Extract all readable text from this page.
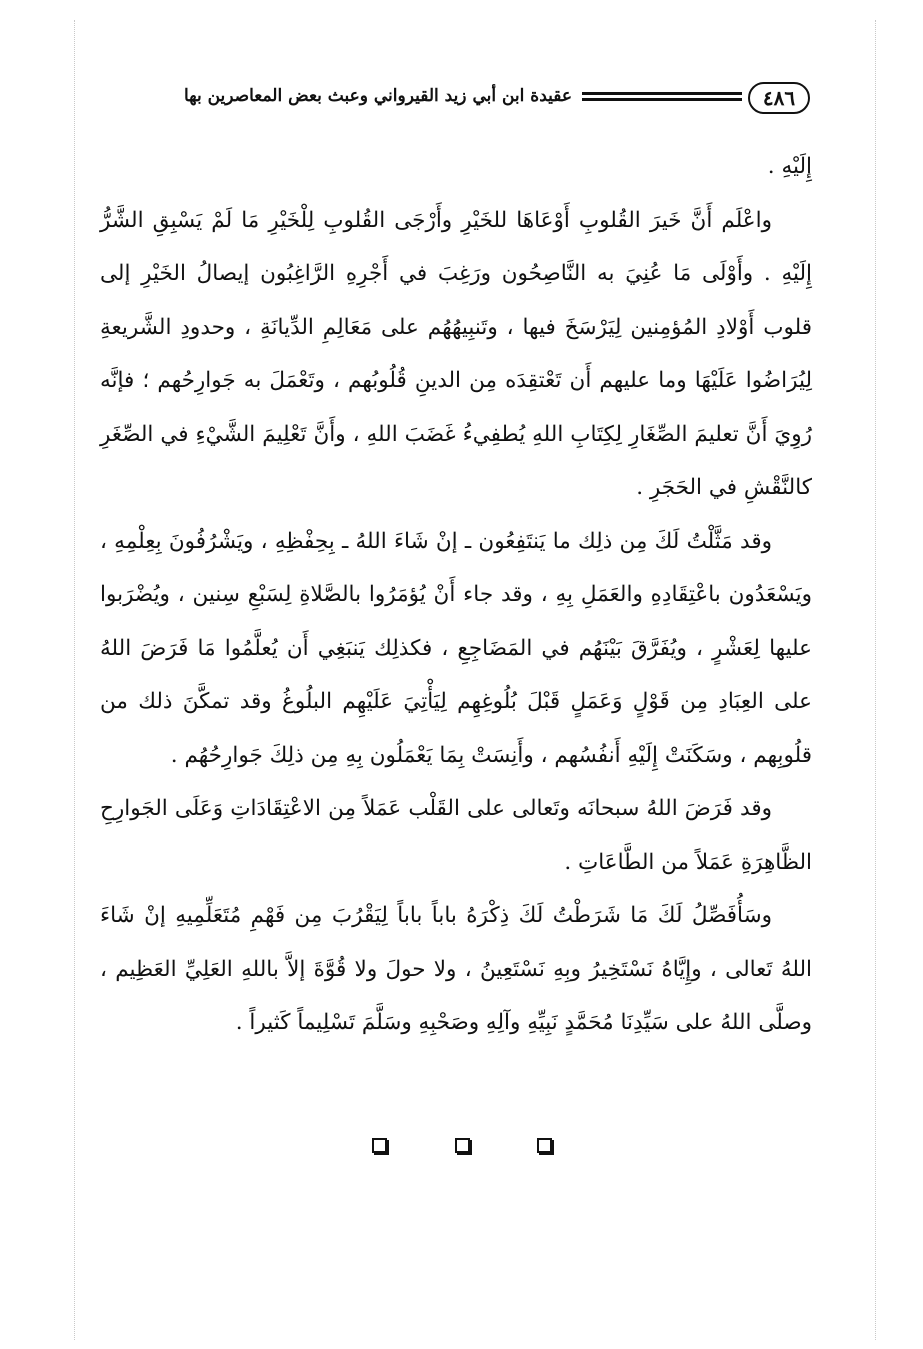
٤٨٦
عقيدة ابن أبي زيد القيرواني وعبث بعض المعاصرين بها

إِلَيْهِ .

واعْلَم أَنَّ خَيرَ القُلوبِ أَوْعَاهَا للخَيْرِ وأَرْجَى القُلوبِ لِلْخَيْرِ مَا لَمْ يَسْبِقِ الشَّرُّ إِلَيْهِ . وأَوْلَى مَا عُنِيَ به النَّاصِحُون ورَغِبَ في أَجْرِهِ الرَّاغِبُون إيصالُ الخَيْرِ إلى قلوب أَوْلادِ المُؤمِنين لِيَرْسَخَ فيها ، وتَنبِيهُهُم على مَعَالِمِ الدِّيانَةِ ، وحدودِ الشَّريعةِ لِيُرَاضُوا عَلَيْهَا وما عليهم أَن تَعْتقِدَه مِن الدينِ قُلُوبُهم ، وتَعْمَلَ به جَوارِحُهم ؛ فإنَّه رُوِيَ أَنَّ تعليمَ الصِّغَارِ لِكِتَابِ اللهِ يُطفِيءُ غَضَبَ اللهِ ، وأَنَّ تَعْلِيمَ الشَّيْءِ في الصِّغَرِ كالنَّقْشِ في الحَجَرِ .

وقد مَثَّلْتُ لَكَ مِن ذلِك ما يَنتَفِعُون ـ إنْ شَاءَ اللهُ ـ بِحِفْظِهِ ، ويَشْرُفُونَ بِعِلْمِهِ ، ويَسْعَدُون باعْتِقَادِهِ والعَمَلِ بِهِ ، وقد جاء أَنْ يُؤمَرُوا بالصَّلاةِ لِسَبْعِ سِنين ، ويُضْرَبوا عليها لِعَشْرٍ ، ويُفَرَّقَ بَيْنَهُم في المَضَاجِعِ ، فكذلِك يَنبَغِي أَن يُعلَّمُوا مَا فَرَضَ اللهُ على العِبَادِ مِن قَوْلٍ وَعَمَلٍ قَبْلَ بُلُوغِهِم لِيَأْتِيَ عَلَيْهِم البلُوغُ وقد تمكَّنَ ذلك من قلُوبِهم ، وسَكَنَتْ إِلَيْهِ أَنفُسُهم ، وأَنِسَتْ بِمَا يَعْمَلُون بِهِ مِن ذلِكَ جَوارِحُهُم .

وقد فَرَضَ اللهُ سبحانَه وتَعالى على القَلْب عَمَلاً مِن الاعْتِقَادَاتِ وَعَلَى الجَوارِحِ الظَّاهِرَةِ عَمَلاً من الطَّاعَاتِ .

وسَأُفَصِّلُ لَكَ مَا شَرَطْتُ لَكَ ذِكْرَهُ باباً باباً لِيَقْرُبَ مِن فَهْمِ مُتَعَلِّمِيهِ إنْ شَاءَ اللهُ تَعالى ، وإِيَّاهُ نَسْتَخِيرُ وبِهِ نَسْتَعِينُ ، ولا حولَ ولا قُوَّةَ إلاَّ باللهِ العَلِيِّ العَظِيم ، وصلَّى اللهُ على سَيِّدِنَا مُحَمَّدٍ نَبِيِّهِ وآلِهِ وصَحْبِهِ وسَلَّمَ تَسْلِيماً كَثيراً .
